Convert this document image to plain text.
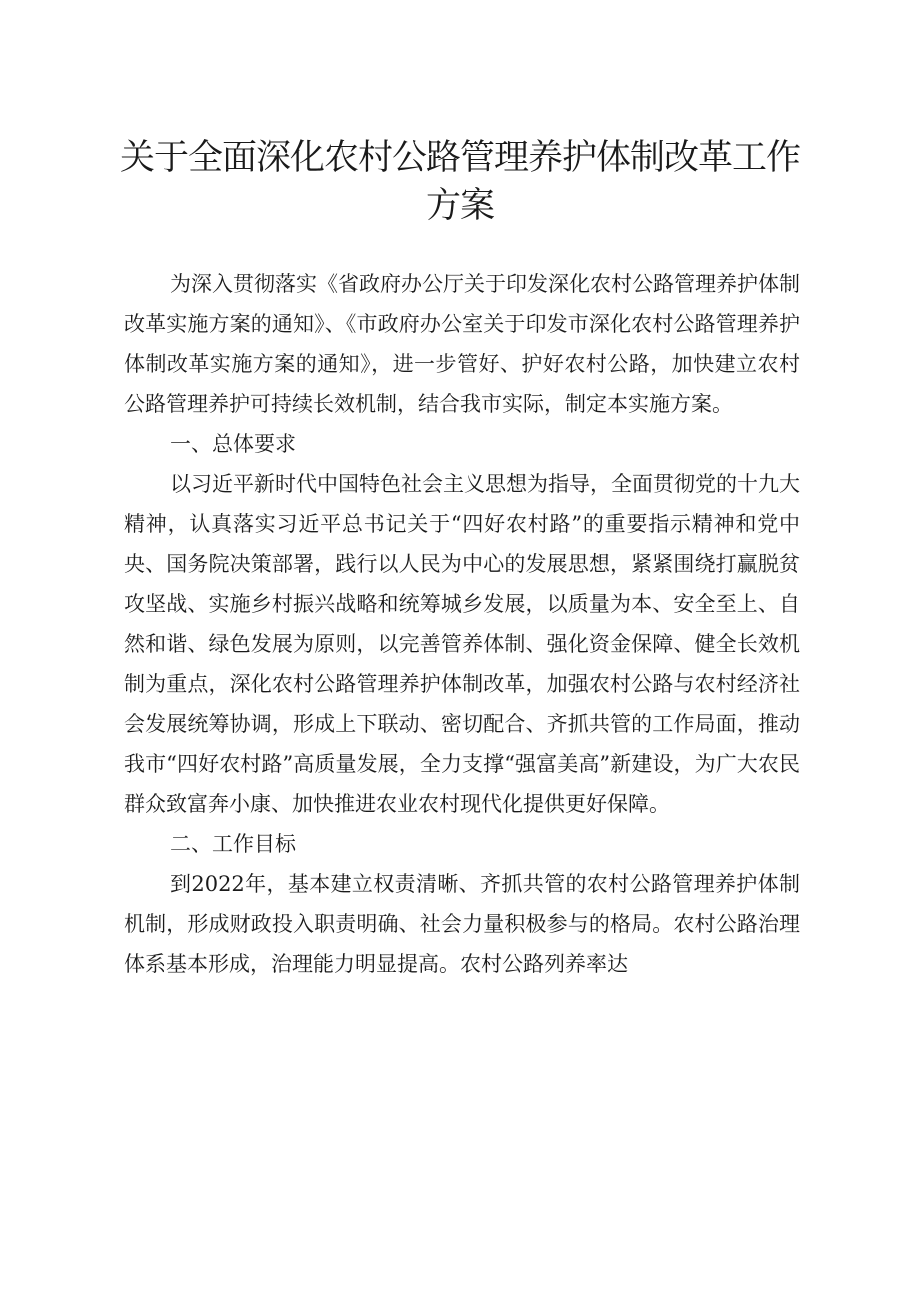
关于全面深化农村公路管理养护体制改革工作方案

为深入贯彻落实《省政府办公厅关于印发深化农村公路管理养护体制改革实施方案的通知》、《市政府办公室关于印发市深化农村公路管理养护体制改革实施方案的通知》，进一步管好、护好农村公路，加快建立农村公路管理养护可持续长效机制，结合我市实际，制定本实施方案。

一、总体要求

以习近平新时代中国特色社会主义思想为指导，全面贯彻党的十九大精神，认真落实习近平总书记关于“四好农村路”的重要指示精神和党中央、国务院决策部署，践行以人民为中心的发展思想，紧紧围绕打赢脱贫攻坚战、实施乡村振兴战略和统筹城乡发展，以质量为本、安全至上、自然和谐、绿色发展为原则，以完善管养体制、强化资金保障、健全长效机制为重点，深化农村公路管理养护体制改革，加强农村公路与农村经济社会发展统筹协调，形成上下联动、密切配合、齐抓共管的工作局面，推动我市“四好农村路”高质量发展，全力支撑“强富美高”新建设，为广大农民群众致富奔小康、加快推进农业农村现代化提供更好保障。

二、工作目标

到2022年，基本建立权责清晰、齐抓共管的农村公路管理养护体制机制，形成财政投入职责明确、社会力量积极参与的格局。农村公路治理体系基本形成，治理能力明显提高。农村公路列养率达
